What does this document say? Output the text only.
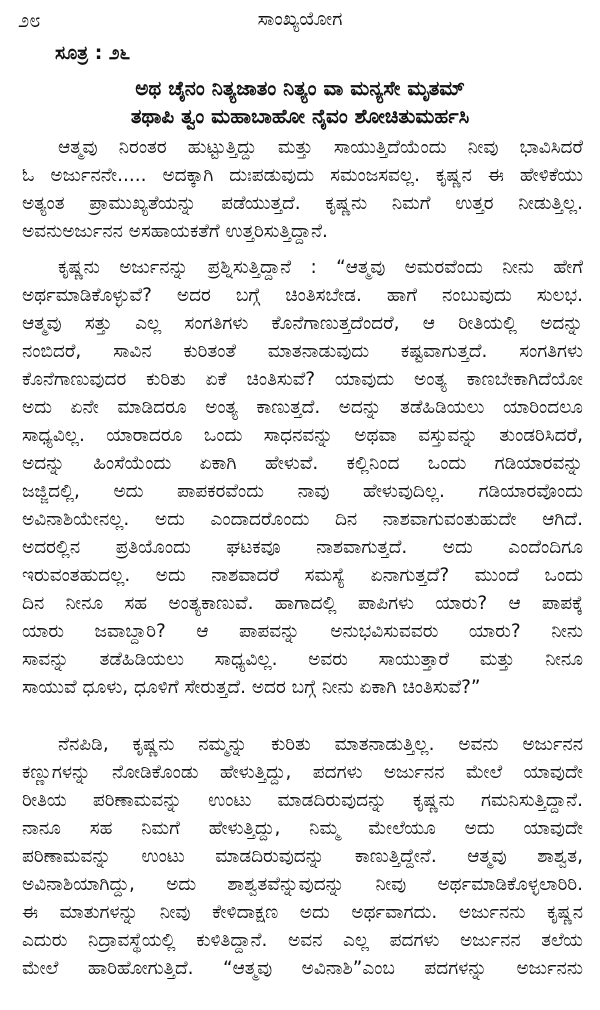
೨೮	ಸಾಂಖ್ಯಯೋಗ
ಸೂತ್ರ : ೨೬
ಅಥ ಚೈನಂ ನಿತ್ಯಜಾತಂ ನಿತ್ಯಂ ವಾ ಮನ್ಯಸೇ ಮೃತಮ್
ತಥಾಪಿ ತ್ವಂ ಮಹಾಬಾಹೋ ನೈವಂ ಶೋಚಿತುಮರ್ಹಸಿ
ಆತ್ಮವು ನಿರಂತರ ಹುಟ್ಟುತ್ತಿದ್ದು ಮತ್ತು ಸಾಯುತ್ತಿದೆಯೆಂದು ನೀವು ಭಾವಿಸಿದರೆ
ಓ ಅರ್ಜುನನೇ..... ಅದಕ್ಕಾಗಿ ದುಃಪಡುವುದು ಸಮಂಜಸವಲ್ಲ. ಕೃಷ್ಣನ ಈ ಹೇಳಿಕೆಯು
ಅತ್ಯಂತ ಪ್ರಾಮುಖ್ಯತೆಯನ್ನು ಪಡೆಯುತ್ತದೆ. ಕೃಷ್ಣನು ನಿಮಗೆ ಉತ್ತರ ನೀಡುತ್ತಿಲ್ಲ.
ಅವನುಅರ್ಜುನನ ಅಸಹಾಯಕತೆಗೆ ಉತ್ತರಿಸುತ್ತಿದ್ದಾನೆ.
ಕೃಷ್ಣನು ಅರ್ಜುನನ್ನು ಪ್ರಶ್ನಿಸುತ್ತಿದ್ದಾನೆ : “ಆತ್ಮವು ಅಮರವೆಂದು ನೀನು ಹೇಗೆ
ಅರ್ಥಮಾಡಿಕೊಳ್ಳುವೆ? ಅದರ ಬಗ್ಗೆ ಚಿಂತಿಸಬೇಡ. ಹಾಗೆ ನಂಬುವುದು ಸುಲಭ.
ಆತ್ಮವು ಸತ್ತು ಎಲ್ಲ ಸಂಗತಿಗಳು ಕೊನೆಗಾಣುತ್ತದೆಂದರೆ, ಆ ರೀತಿಯಲ್ಲಿ ಅದನ್ನು
ನಂಬಿದರೆ, ಸಾವಿನ ಕುರಿತಂತೆ ಮಾತನಾಡುವುದು ಕಷ್ಟವಾಗುತ್ತದೆ. ಸಂಗತಿಗಳು
ಕೊನೆಗಾಣುವುದರ ಕುರಿತು ಏಕೆ ಚಿಂತಿಸುವೆ? ಯಾವುದು ಅಂತ್ಯ ಕಾಣಬೇಕಾಗಿದೆಯೋ
ಅದು ಏನೇ ಮಾಡಿದರೂ ಅಂತ್ಯ ಕಾಣುತ್ತದೆ. ಅದನ್ನು ತಡೆಹಿಡಿಯಲು ಯಾರಿಂದಲೂ
ಸಾಧ್ಯವಿಲ್ಲ. ಯಾರಾದರೂ ಒಂದು ಸಾಧನವನ್ನು ಅಥವಾ ವಸ್ತುವನ್ನು ತುಂಡರಿಸಿದರೆ,
ಅದನ್ನು ಹಿಂಸೆಯೆಂದು ಏಕಾಗಿ ಹೇಳುವೆ. ಕಲ್ಲಿನಿಂದ ಒಂದು ಗಡಿಯಾರವನ್ನು
ಜಜ್ಜಿದಲ್ಲಿ, ಅದು ಪಾಪಕರವೆಂದು ನಾವು ಹೇಳುವುದಿಲ್ಲ. ಗಡಿಯಾರವೊಂದು
ಅವಿನಾಶಿಯೇನಲ್ಲ. ಅದು ಎಂದಾದರೊಂದು ದಿನ ನಾಶವಾಗುವಂತುಹುದೇ ಆಗಿದೆ.
ಅದರಲ್ಲಿನ ಪ್ರತಿಯೊಂದು ಘಟಕವೂ ನಾಶವಾಗುತ್ತದೆ. ಅದು ಎಂದೆಂದಿಗೂ
ಇರುವಂತಹುದಲ್ಲ. ಅದು ನಾಶವಾದರೆ ಸಮಸ್ಯೆ ಏನಾಗುತ್ತದೆ? ಮುಂದೆ ಒಂದು
ದಿನ ನೀನೂ ಸಹ ಅಂತ್ಯಕಾಣುವೆ. ಹಾಗಾದಲ್ಲಿ ಪಾಪಿಗಳು ಯಾರು? ಆ ಪಾಪಕ್ಕೆ
ಯಾರು ಜವಾಬ್ದಾರಿ? ಆ ಪಾಪವನ್ನು ಅನುಭವಿಸುವವರು ಯಾರು? ನೀನು
ಸಾವನ್ನು ತಡೆಹಿಡಿಯಲು ಸಾಧ್ಯವಿಲ್ಲ. ಅವರು ಸಾಯುತ್ತಾರೆ ಮತ್ತು ನೀನೂ
ಸಾಯುವೆ ಧೂಳು, ಧೂಳಿಗೆ ಸೇರುತ್ತದೆ. ಅದರ ಬಗ್ಗೆ ನೀನು ಏಕಾಗಿ ಚಿಂತಿಸುವೆ?”
ನೆನಪಿಡಿ, ಕೃಷ್ಣನು ನಮ್ಮನ್ನು ಕುರಿತು ಮಾತನಾಡುತ್ತಿಲ್ಲ. ಅವನು ಅರ್ಜುನನ
ಕಣ್ಣುಗಳನ್ನು ನೋಡಿಕೊಂಡು ಹೇಳುತ್ತಿದ್ದು, ಪದಗಳು ಅರ್ಜುನನ ಮೇಲೆ ಯಾವುದೇ
ರೀತಿಯ ಪರಿಣಾಮವನ್ನು ಉಂಟು ಮಾಡದಿರುವುದನ್ನು ಕೃಷ್ಣನು ಗಮನಿಸುತ್ತಿದ್ದಾನೆ.
ನಾನೂ ಸಹ ನಿಮಗೆ ಹೇಳುತ್ತಿದ್ದು, ನಿಮ್ಮ ಮೇಲೆಯೂ ಅದು ಯಾವುದೇ
ಪರಿಣಾಮವನ್ನು ಉಂಟು ಮಾಡದಿರುವುದನ್ನು ಕಾಣುತ್ತಿದ್ದೇನೆ. ಆತ್ಮವು ಶಾಶ್ವತ,
ಅವಿನಾಶಿಯಾಗಿದ್ದು, ಅದು ಶಾಶ್ವತವೆನ್ನುವುದನ್ನು ನೀವು ಅರ್ಥಮಾಡಿಕೊಳ್ಳಲಾರಿರಿ.
ಈ ಮಾತುಗಳನ್ನು ನೀವು ಕೇಳಿದಾಕ್ಷಣ ಅದು ಅರ್ಥವಾಗದು. ಅರ್ಜುನನು ಕೃಷ್ಣನ
ಎದುರು ನಿದ್ರಾವಸ್ಥೆಯಲ್ಲಿ ಕುಳಿತಿದ್ದಾನೆ. ಅವನ ಎಲ್ಲ ಪದಗಳು ಅರ್ಜುನನ ತಲೆಯ
ಮೇಲೆ ಹಾರಿಹೋಗುತ್ತಿದೆ. “ಆತ್ಮವು ಅವಿನಾಶಿ”ಎಂಬ ಪದಗಳನ್ನು ಅರ್ಜುನನು
